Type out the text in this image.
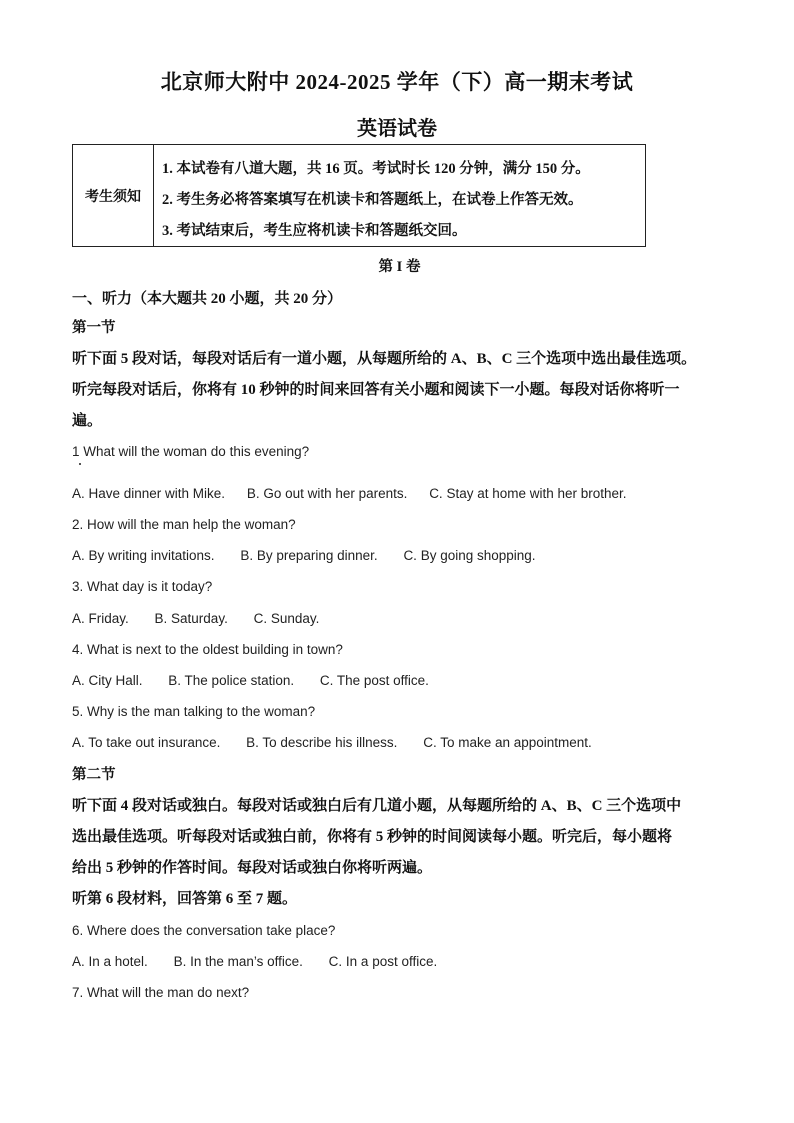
北京师大附中 2024-2025 学年（下）高一期末考试
英语试卷
考生须知
1. 本试卷有八道大题，共 16 页。考试时长 120 分钟，满分 150 分。
2. 考生务必将答案填写在机读卡和答题纸上，在试卷上作答无效。
3. 考试结束后，考生应将机读卡和答题纸交回。

第 I 卷

一、听力（本大题共 20 小题，共 20 分）

第一节

听下面 5 段对话，每段对话后有一道小题，从每题所给的 A、B、C 三个选项中选出最佳选项。

听完每段对话后，你将有 10 秒钟的时间来回答有关小题和阅读下一小题。每段对话你将听一

遍。

1 What will the woman do this evening?

A. Have dinner with Mike. B. Go out with her parents. C. Stay at home with her brother.

2. How will the man help the woman?

A. By writing invitations. B. By preparing dinner. C. By going shopping.

3. What day is it today?

A. Friday. B. Saturday. C. Sunday.

4. What is next to the oldest building in town?

A. City Hall. B. The police station. C. The post office.

5. Why is the man talking to the woman?

A. To take out insurance. B. To describe his illness. C. To make an appointment.

第二节

听下面 4 段对话或独白。每段对话或独白后有几道小题，从每题所给的 A、B、C 三个选项中

选出最佳选项。听每段对话或独白前，你将有 5 秒钟的时间阅读每小题。听完后，每小题将

给出 5 秒钟的作答时间。每段对话或独白你将听两遍。

听第 6 段材料，回答第 6 至 7 题。

6. Where does the conversation take place?

A. In a hotel. B. In the man’s office. C. In a post office.

7. What will the man do next?
